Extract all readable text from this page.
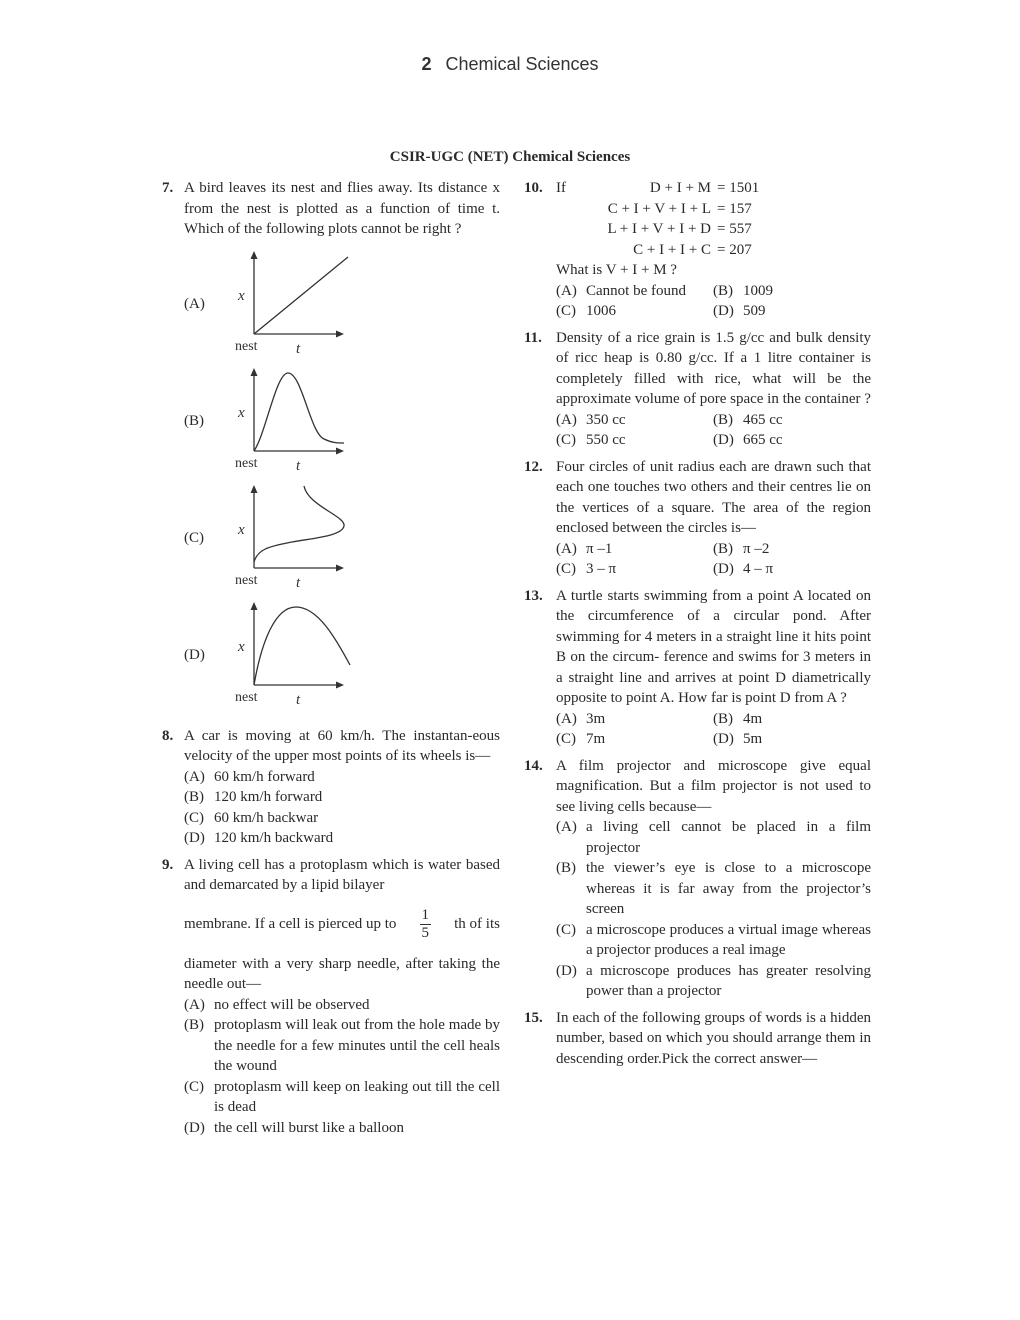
2 Chemical Sciences
CSIR-UGC (NET) Chemical Sciences
7. A bird leaves its nest and flies away. Its distance x from the nest is plotted as a function of time t. Which of the following plots cannot be right ?
(A)	x
nest	t
(B)	x
nest	t
(C)	x
nest	t
(D)	x
nest	t
8. A car is moving at 60 km/h. The instantan-eous velocity of the upper most points of its wheels is—
(A) 60 km/h forward
(B) 120 km/h forward
(C) 60 km/h backwar
(D) 120 km/h backward
9. A living cell has a protoplasm which is water based and demarcated by a lipid bilayer
membrane. If a cell is pierced up to $\frac{1}{5}$ th of its
diameter with a very sharp needle, after taking the needle out—
(A) no effect will be observed
(B) protoplasm will leak out from the hole made by the needle for a few minutes until the cell heals the wound
(C) protoplasm will keep on leaking out till the cell is dead
(D) the cell will burst like a balloon
10. If	D + I + M = 1501
C + I + V + I + L = 157
L + I + V + I + D = 557
C + I + I + C = 207
What is V + I + M ?
(A) Cannot be found	(B) 1009
(C) 1006	(D) 509
11. Density of a rice grain is 1.5 g/cc and bulk density of ricc heap is 0.80 g/cc. If a 1 litre container is completely filled with rice, what will be the approximate volume of pore space in the container ?
(A) 350 cc	(B) 465 cc
(C) 550 cc	(D) 665 cc
12. Four circles of unit radius each are drawn such that each one touches two others and their centres lie on the vertices of a square. The area of the region enclosed between the circles is—
(A) π –1	(B) π –2
(C) 3 – π	(D) 4 – π
13. A turtle starts swimming from a point A located on the circumference of a circular pond. After swimming for 4 meters in a straight line it hits point B on the circum- ference and swims for 3 meters in a straight line and arrives at point D diametrically opposite to point A. How far is point D from A ?
(A) 3m	(B) 4m
(C) 7m	(D) 5m
14. A film projector and microscope give equal magnification. But a film projector is not used to see living cells because—
(A) a living cell cannot be placed in a film projector
(B) the viewer’s eye is close to a microscope whereas it is far away from the projector’s screen
(C) a microscope produces a virtual image whereas a projector produces a real image
(D) a microscope produces has greater resolving power than a projector
15. In each of the following groups of words is a hidden number, based on which you should arrange them in descending order.Pick the correct answer—
